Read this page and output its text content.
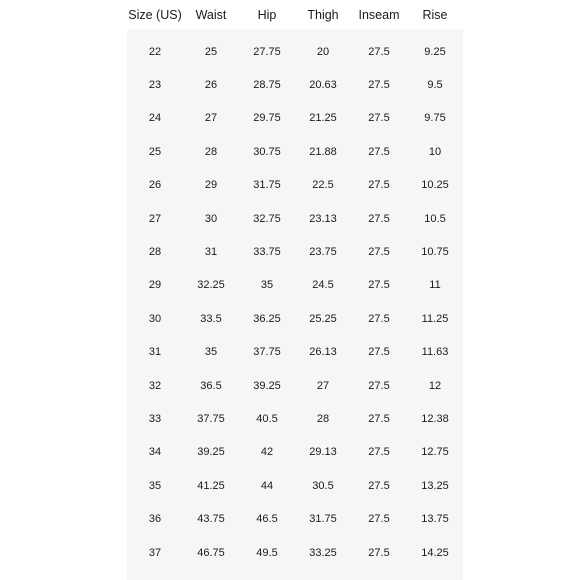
Size (US)	Waist	Hip	Thigh	Inseam	Rise
22	25	27.75	20	27.5	9.25
23	26	28.75	20.63	27.5	9.5
24	27	29.75	21.25	27.5	9.75
25	28	30.75	21.88	27.5	10
26	29	31.75	22.5	27.5	10.25
27	30	32.75	23.13	27.5	10.5
28	31	33.75	23.75	27.5	10.75
29	32.25	35	24.5	27.5	11
30	33.5	36.25	25.25	27.5	11.25
31	35	37.75	26.13	27.5	11.63
32	36.5	39.25	27	27.5	12
33	37.75	40.5	28	27.5	12.38
34	39.25	42	29.13	27.5	12.75
35	41.25	44	30.5	27.5	13.25
36	43.75	46.5	31.75	27.5	13.75
37	46.75	49.5	33.25	27.5	14.25
